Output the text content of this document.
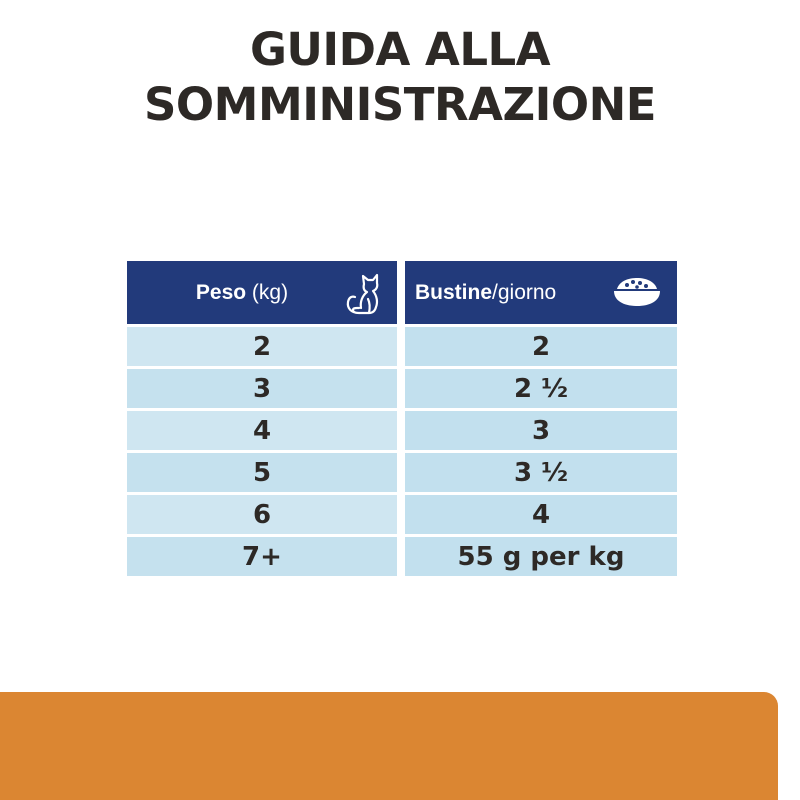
GUIDA ALLA
SOMMINISTRAZIONE
Peso (kg)
2
3
4
5
6
7+
Bustine/giorno
2
2 ½
3
3 ½
4
55 g per kg
